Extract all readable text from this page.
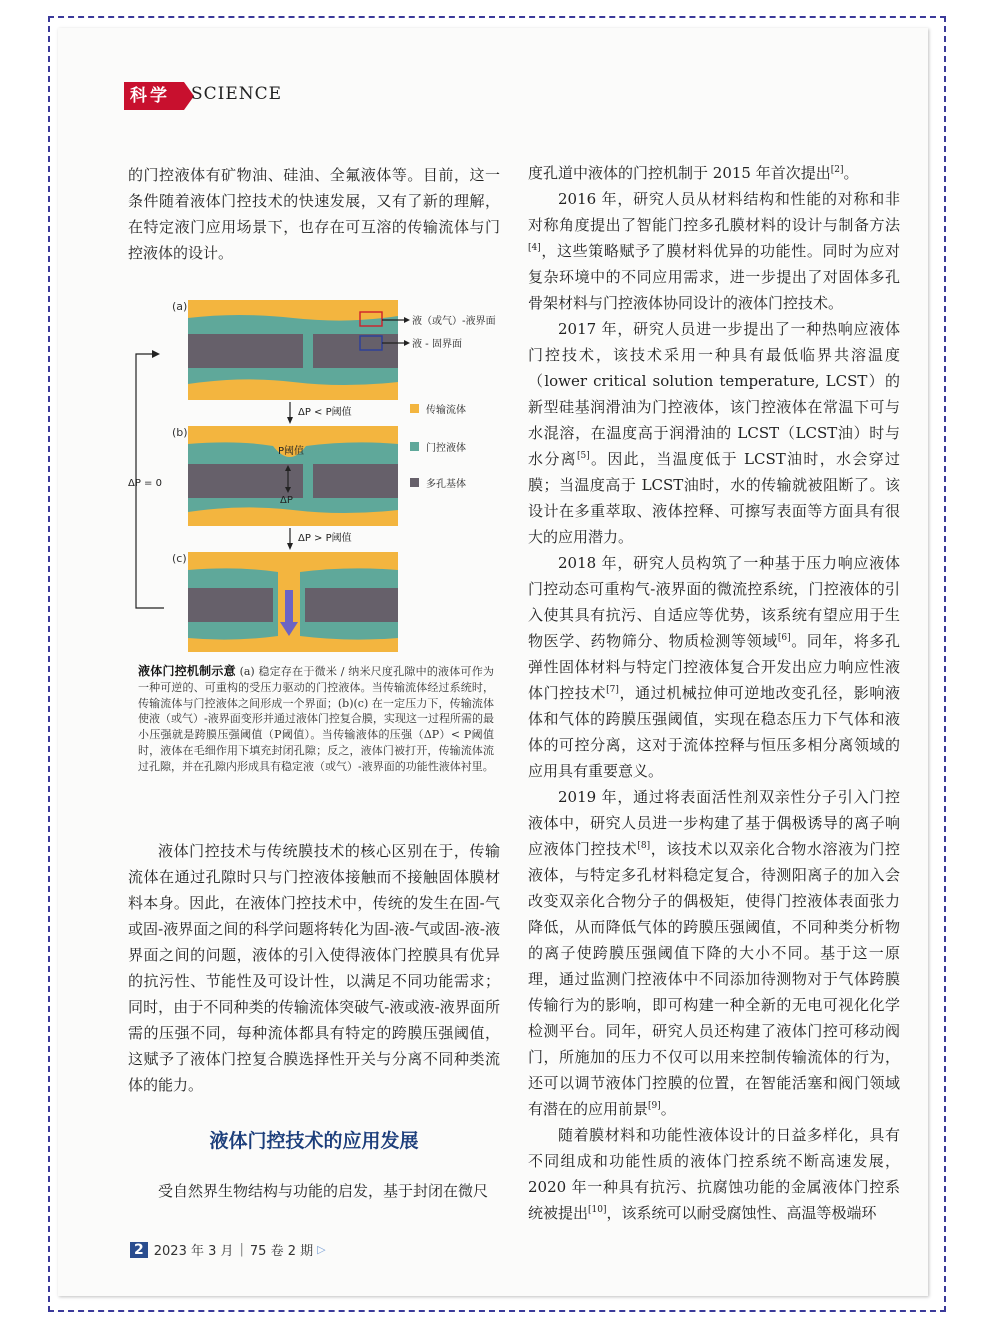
科学	SCIENCE

的门控液体有矿物油、硅油、全氟液体等。目前，这一条件随着液体门控技术的快速发展，又有了新的理解，在特定液门应用场景下，也存在可互溶的传输流体与门控液体的设计。

(a)
液（或气）-液界面
液 - 固界面
ΔP < P阈值
(b)
P阈值
ΔP
ΔP > P阈值
(c)
ΔP = 0
传输流体
门控液体
多孔基体
液体门控机制示意 (a) 稳定存在于微米 / 纳米尺度孔隙中的液体可作为一种可逆的、可重构的受压力驱动的门控液体。当传输流体经过系统时，传输流体与门控液体之间形成一个界面；(b)(c) 在一定压力下，传输流体使液（或气）-液界面变形并通过液体门控复合膜，实现这一过程所需的最小压强就是跨膜压强阈值（P阈值）。当传输液体的压强（ΔP）< P阈值时，液体在毛细作用下填充封闭孔隙；反之，液体门被打开，传输流体流过孔隙，并在孔隙内形成具有稳定液（或气）-液界面的功能性液体衬里。

液体门控技术与传统膜技术的核心区别在于，传输流体在通过孔隙时只与门控液体接触而不接触固体膜材料本身。因此，在液体门控技术中，传统的发生在固-气或固-液界面之间的科学问题将转化为固-液-气或固-液-液界面之间的问题，液体的引入使得液体门控膜具有优异的抗污性、节能性及可设计性，以满足不同功能需求；同时，由于不同种类的传输流体突破气-液或液-液界面所需的压强不同，每种流体都具有特定的跨膜压强阈值，这赋予了液体门控复合膜选择性开关与分离不同种类流体的能力。

液体门控技术的应用发展

受自然界生物结构与功能的启发，基于封闭在微尺

度孔道中液体的门控机制于 2015 年首次提出[2]。

2016 年，研究人员从材料结构和性能的对称和非对称角度提出了智能门控多孔膜材料的设计与制备方法[4]，这些策略赋予了膜材料优异的功能性。同时为应对复杂环境中的不同应用需求，进一步提出了对固体多孔骨架材料与门控液体协同设计的液体门控技术。

2017 年，研究人员进一步提出了一种热响应液体门控技术，该技术采用一种具有最低临界共溶温度（lower critical solution temperature, LCST）的新型硅基润滑油为门控液体，该门控液体在常温下可与水混溶，在温度高于润滑油的 LCST（LCST油）时与水分离[5]。因此，当温度低于 LCST油时，水会穿过膜；当温度高于 LCST油时，水的传输就被阻断了。该设计在多重萃取、液体控释、可擦写表面等方面具有很大的应用潜力。

2018 年，研究人员构筑了一种基于压力响应液体门控动态可重构气-液界面的微流控系统，门控液体的引入使其具有抗污、自适应等优势，该系统有望应用于生物医学、药物筛分、物质检测等领域[6]。同年，将多孔弹性固体材料与特定门控液体复合开发出应力响应性液体门控技术[7]，通过机械拉伸可逆地改变孔径，影响液体和气体的跨膜压强阈值，实现在稳态压力下气体和液体的可控分离，这对于流体控释与恒压多相分离领域的应用具有重要意义。

2019 年，通过将表面活性剂双亲性分子引入门控液体中，研究人员进一步构建了基于偶极诱导的离子响应液体门控技术[8]，该技术以双亲化合物水溶液为门控液体，与特定多孔材料稳定复合，待测阳离子的加入会改变双亲化合物分子的偶极矩，使得门控液体表面张力降低，从而降低气体的跨膜压强阈值，不同种类分析物的离子使跨膜压强阈值下降的大小不同。基于这一原理，通过监测门控液体中不同添加待测物对于气体跨膜传输行为的影响，即可构建一种全新的无电可视化化学检测平台。同年，研究人员还构建了液体门控可移动阀门，所施加的压力不仅可以用来控制传输流体的行为，还可以调节液体门控膜的位置，在智能活塞和阀门领域有潜在的应用前景[9]。

随着膜材料和功能性液体设计的日益多样化，具有不同组成和功能性质的液体门控系统不断高速发展，2020 年一种具有抗污、抗腐蚀功能的金属液体门控系统被提出[10]，该系统可以耐受腐蚀性、高温等极端环

2 2023 年 3 月 | 75 卷 2 期 ▷
